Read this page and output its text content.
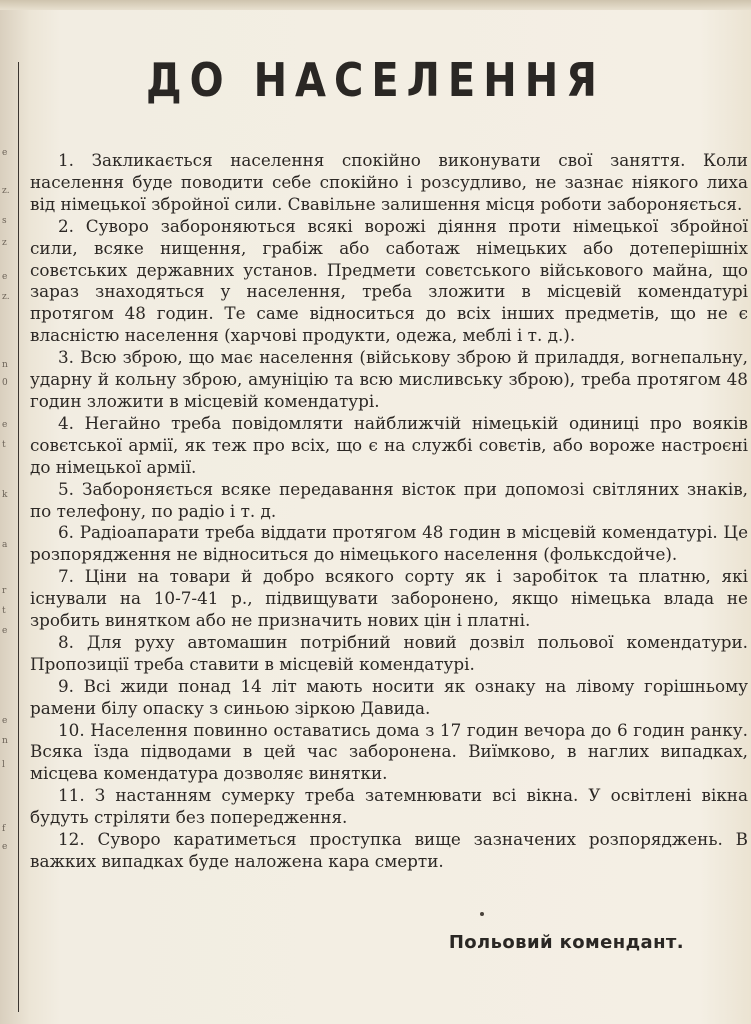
e
z.
s
z
e
z.
n
0
e
t
k
a
r
t
e
e
n
l
f
e
ДО НАСЕЛЕННЯ

1. Закликається населення спокійно виконувати свої заняття. Коли населення буде поводити себе спокійно і розсудливо, не зазнає ніякого лиха від німецької збройної сили. Свавільне залишення місця роботи забороняється.

2. Суворо забороняються всякі ворожі діяння проти німецької збройної сили, всяке нищення, грабіж або саботаж німецьких або дотеперішніх совєтських державних установ. Предмети совєтського військового майна, що зараз знаходяться у населення, треба зложити в місцевій комендатурі протягом 48 годин. Те саме відноситься до всіх інших предметів, що не є власністю населення (харчові продукти, одежа, меблі і т. д.).

3. Всю зброю, що має населення (військову зброю й приладдя, вогнепальну, ударну й кольну зброю, амуніцію та всю мисливську зброю), треба протягом 48 годин зложити в місцевій комендатурі.

4. Негайно треба повідомляти найближчій німецькій одиниці про вояків совєтської армії, як теж про всіх, що є на службі совєтів, або вороже настроєні до німецької армії.

5. Забороняється всяке передавання вісток при допомозі світляних знаків, по телефону, по радіо і т. д.

6. Радіоапарати треба віддати протягом 48 годин в місцевій комендатурі. Це розпорядження не відноситься до німецького населення (фолькcдойче).

7. Ціни на товари й добро всякого сорту як і заробіток та платню, які існували на 10-7-41 р., підвищувати заборонено, якщо німецька влада не зробить винятком або не призначить нових цін і платні.

8. Для руху автомашин потрібний новий дозвіл польової комендатури. Пропозиції треба ставити в місцевій комендатурі.

9. Всі жиди понад 14 літ мають носити як ознаку на лівому горішньому рамени білу опаску з синьою зіркою Давида.

10. Населення повинно оставатись дома з 17 годин вечора до 6 годин ранку. Всяка їзда підводами в цей час заборонена. Виїмково, в наглих випадках, місцева комендатура дозволяє винятки.

11. З настанням сумерку треба затемнювати всі вікна. У освітлені вікна будуть стріляти без попередження.

12. Суворо каратиметься проступка вище зазначених розпоряджень. В важких випадках буде наложена кара смерти.

Польовий комендант.
